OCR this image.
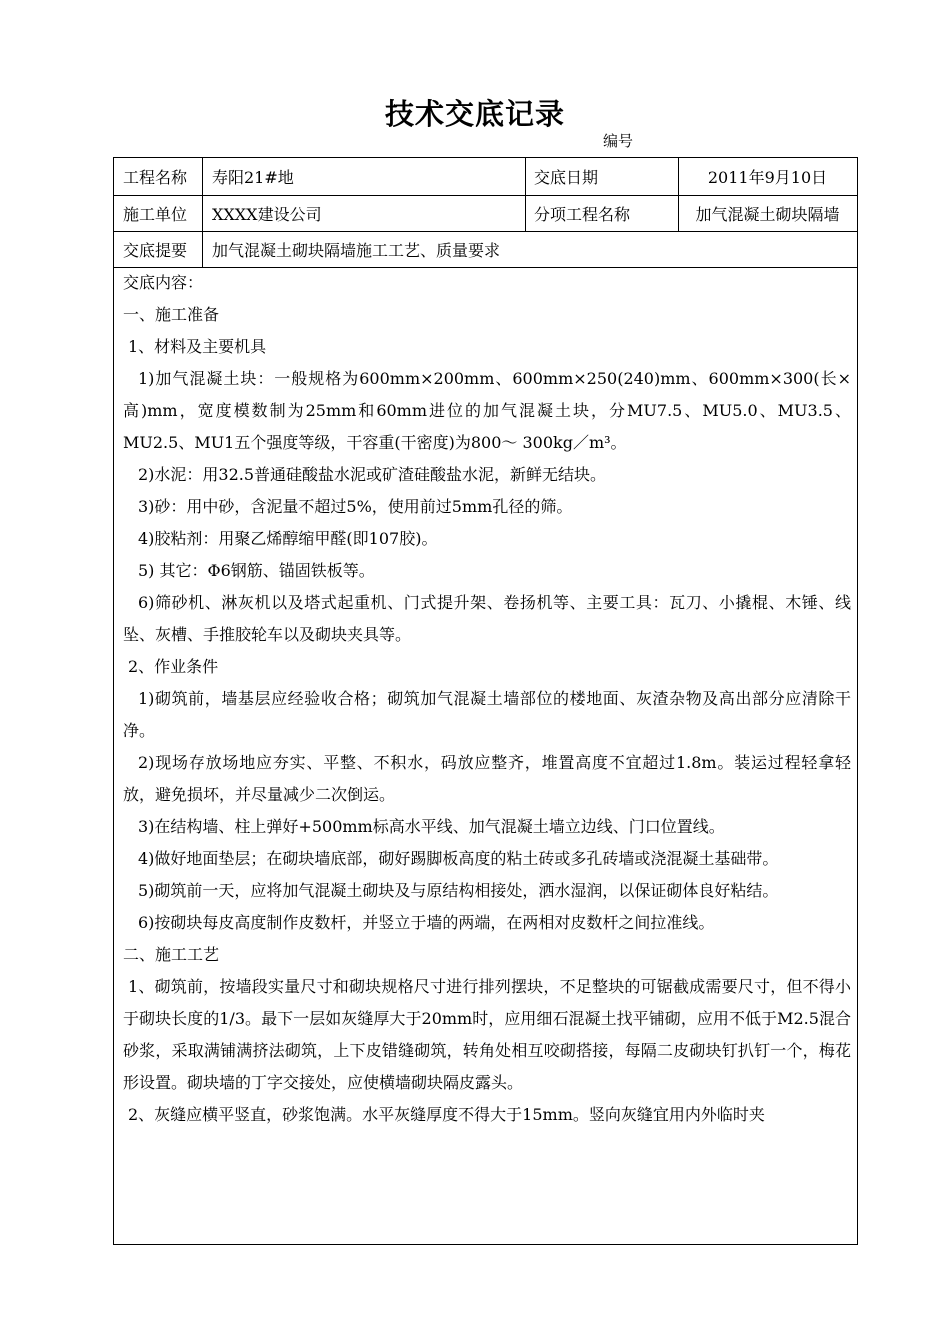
技术交底记录
编号
工程名称 寿阳21#地	交底日期	2011年9月10日
施工单位 XXXX建设公司	分项工程名称	加气混凝土砌块隔墙
交底提要 加气混凝土砌块隔墙施工工艺、质量要求

交底内容：

一、施工准备

1、材料及主要机具

1)加气混凝土块：一般规格为600mm×200mm、600mm×250(240)mm、600mm×300(长×高)mm，宽度模数制为25mm和60mm进位的加气混凝土块，分MU7.5、MU5.0、MU3.5、MU2.5、MU1五个强度等级，干容重(干密度)为800～ 300kg／m³。

2)水泥：用32.5普通硅酸盐水泥或矿渣硅酸盐水泥，新鲜无结块。

3)砂：用中砂，含泥量不超过5%，使用前过5mm孔径的筛。

4)胶粘剂：用聚乙烯醇缩甲醛(即107胶)。

5) 其它：Φ6钢筋、锚固铁板等。

6)筛砂机、淋灰机以及塔式起重机、门式提升架、卷扬机等、主要工具：瓦刀、小撬棍、木锤、线坠、灰槽、手推胶轮车以及砌块夹具等。

2、作业条件

1)砌筑前，墙基层应经验收合格；砌筑加气混凝土墙部位的楼地面、灰渣杂物及高出部分应清除干净。

2)现场存放场地应夯实、平整、不积水，码放应整齐，堆置高度不宜超过1.8m。装运过程轻拿轻放，避免损坏，并尽量减少二次倒运。

3)在结构墙、柱上弹好+500mm标高水平线、加气混凝土墙立边线、门口位置线。

4)做好地面垫层；在砌块墙底部，砌好踢脚板高度的粘土砖或多孔砖墙或浇混凝土基础带。

5)砌筑前一天，应将加气混凝土砌块及与原结构相接处，洒水湿润，以保证砌体良好粘结。

6)按砌块每皮高度制作皮数杆，并竖立于墙的两端，在两相对皮数杆之间拉准线。

二、施工工艺

1、砌筑前，按墙段实量尺寸和砌块规格尺寸进行排列摆块，不足整块的可锯截成需要尺寸，但不得小于砌块长度的1/3。最下一层如灰缝厚大于20mm时，应用细石混凝土找平铺砌，应用不低于M2.5混合砂浆，采取满铺满挤法砌筑，上下皮错缝砌筑，转角处相互咬砌搭接，每隔二皮砌块钉扒钉一个，梅花形设置。砌块墙的丁字交接处，应使横墙砌块隔皮露头。

2、灰缝应横平竖直，砂浆饱满。水平灰缝厚度不得大于15mm。竖向灰缝宜用内外临时夹
